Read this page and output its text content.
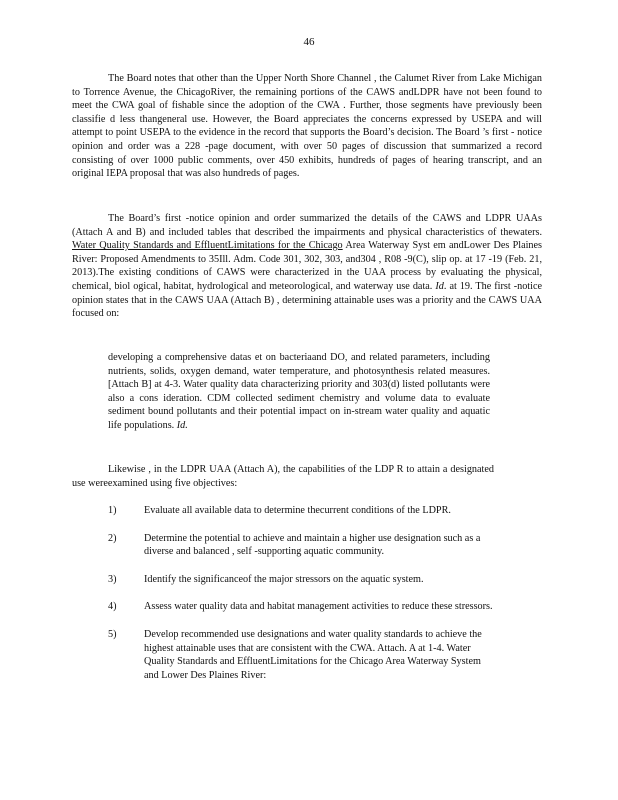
46

The Board notes that other than the Upper North Shore Channel , the Calumet River from Lake Michigan to Torrence Avenue, the ChicagoRiver, the remaining portions of the CAWS andLDPR have not been found to meet the CWA goal of fishable since the adoption of the CWA . Further, those segments have previously been classifie d less thangeneral use. However, the Board appreciates the concerns expressed by USEPA and will attempt to point USEPA to the evidence in the record that supports the Board’s decision. The Board ’s first - notice opinion and order was a 228 -page document, with over 50 pages of discussion that summarized a record consisting of over 1000 public comments, over 450 exhibits, hundreds of pages of hearing transcript, and an original IEPA proposal that was also hundreds of pages.

The Board’s first -notice opinion and order summarized the details of the CAWS and LDPR UAAs (Attach A and B) and included tables that described the impairments and physical characteristics of thewaters. Water Quality Standards and EffluentLimitations for the Chicago Area Waterway Syst em andLower Des Plaines River: Proposed Amendments to 35Ill. Adm. Code 301, 302, 303, and304 , R08 -9(C), slip op. at 17 -19 (Feb. 21, 2013).The existing conditions of CAWS were characterized in the UAA process by evaluating the physical, chemical, biol ogical, habitat, hydrological and meteorological, and waterway use data. Id. at 19. The first -notice opinion states that in the CAWS UAA (Attach B) , determining attainable uses was a priority and the CAWS UAA focused on:

developing a comprehensive datas et on bacteriaand DO, and related parameters, including nutrients, solids, oxygen demand, water temperature, and photosynthesis related measures. [Attach B] at 4-3. Water quality data characterizing priority and 303(d) listed pollutants were also a cons ideration. CDM collected sediment chemistry and volume data to evaluate sediment bound pollutants and their potential impact on in-stream water quality and aquatic life populations. Id.

Likewise , in the LDPR UAA (Attach A), the capabilities of the LDP R to attain a designated use wereexamined using five objectives:

1)	Evaluate all available data to determine thecurrent conditions of the LDPR.
2)	Determine the potential to achieve and maintain a higher use designation such as a diverse and balanced , self -supporting aquatic community.
3)	Identify the significanceof the major stressors on the aquatic system.
4)	Assess water quality data and habitat management activities to reduce these stressors.
5)	Develop recommended use designations and water quality standards to achieve the highest attainable uses that are consistent with the CWA. Attach. A at 1-4. Water Quality Standards and EffluentLimitations for the Chicago Area Waterway System and Lower Des Plaines River:
